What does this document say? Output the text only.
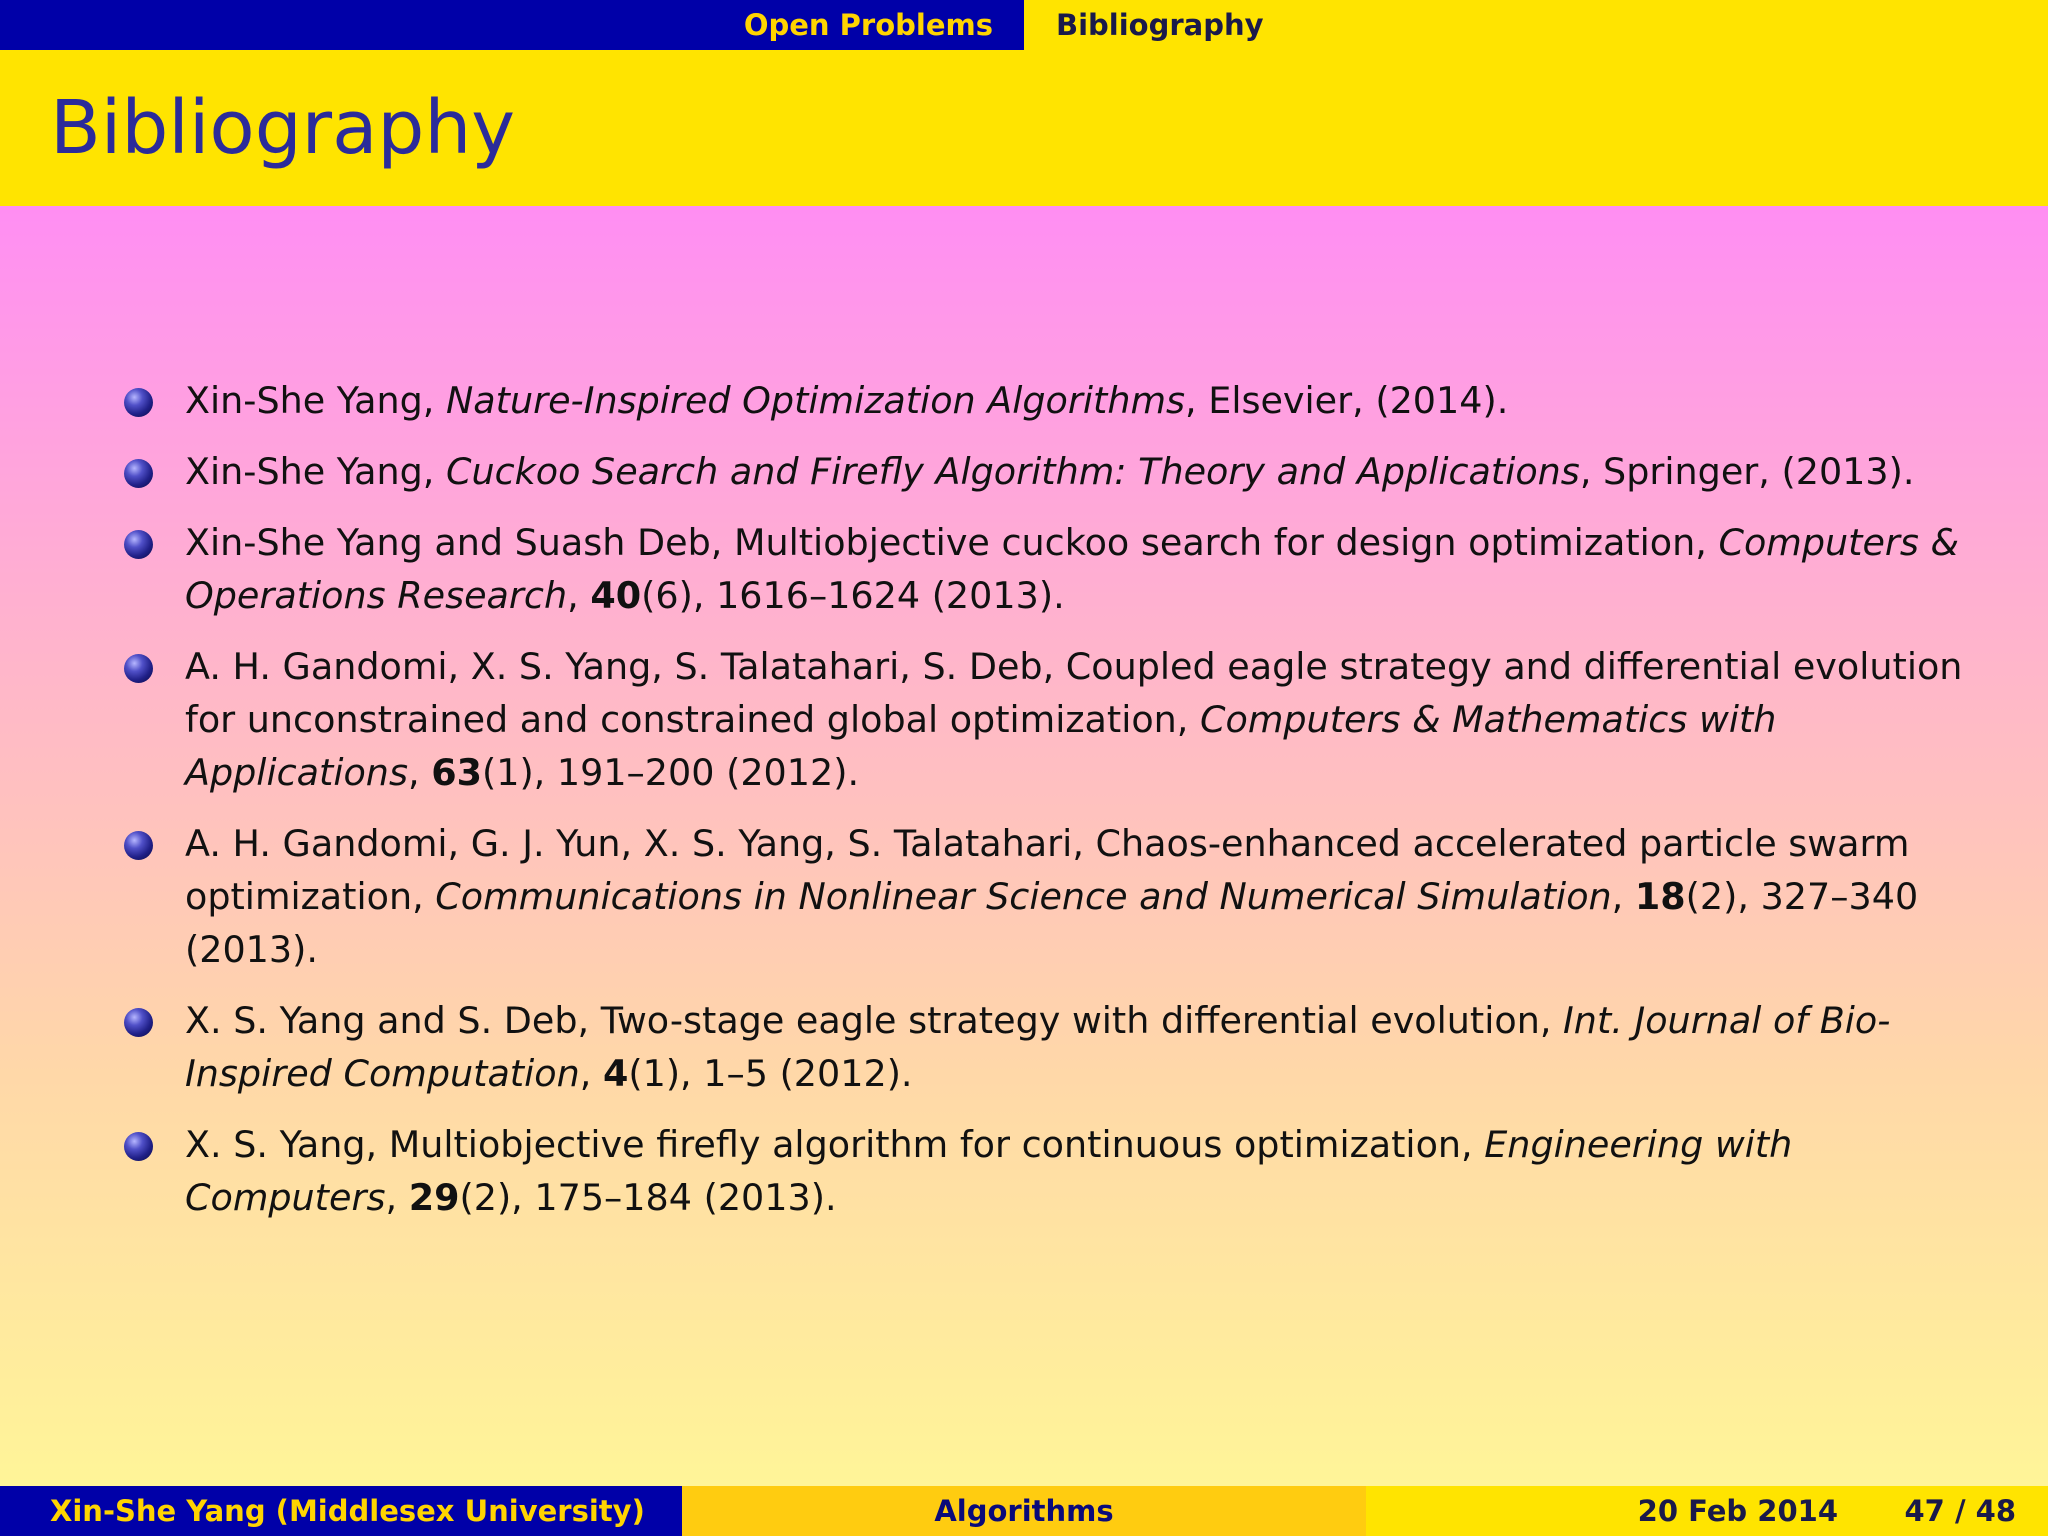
Open Problems Bibliography
Bibliography
Xin-She Yang, Nature-Inspired Optimization Algorithms, Elsevier, (2014).
Xin-She Yang, Cuckoo Search and Firefly Algorithm: Theory and Applications, Springer, (2013).
Xin-She Yang and Suash Deb, Multiobjective cuckoo search for design optimization, Computers & Operations Research, 40(6), 1616–1624 (2013).
A. H. Gandomi, X. S. Yang, S. Talatahari, S. Deb, Coupled eagle strategy and differential evolution for unconstrained and constrained global optimization, Computers & Mathematics with Applications, 63(1), 191–200 (2012).
A. H. Gandomi, G. J. Yun, X. S. Yang, S. Talatahari, Chaos-enhanced accelerated particle swarm optimization, Communications in Nonlinear Science and Numerical Simulation, 18(2), 327–340 (2013).
X. S. Yang and S. Deb, Two-stage eagle strategy with differential evolution, Int. Journal of Bio-Inspired Computation, 4(1), 1–5 (2012).
X. S. Yang, Multiobjective firefly algorithm for continuous optimization, Engineering with Computers, 29(2), 175–184 (2013).
Xin-She Yang (Middlesex University)	Algorithms	20 Feb 2014 47 / 48
